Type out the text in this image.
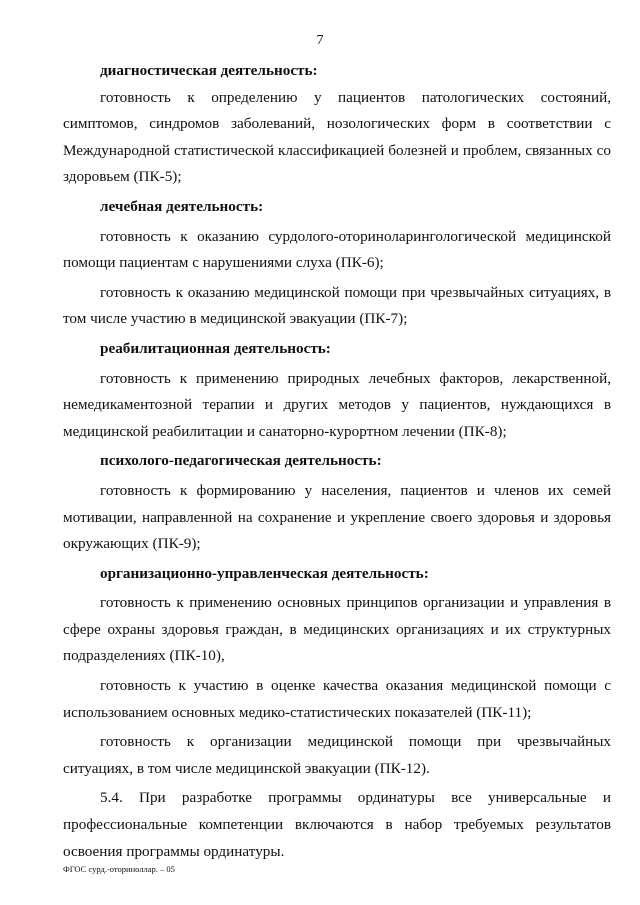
7

диагностическая деятельность:

готовность к определению у пациентов патологических состояний, симптомов, синдромов заболеваний, нозологических форм в соответствии с Международной статистической классификацией болезней и проблем, связанных со здоровьем (ПК-5);

лечебная деятельность:

готовность к оказанию сурдолого-оториноларингологической медицинской помощи пациентам с нарушениями слуха (ПК-6);

готовность к оказанию медицинской помощи при чрезвычайных ситуациях, в том числе участию в медицинской эвакуации (ПК-7);

реабилитационная деятельность:

готовность к применению природных лечебных факторов, лекарственной, немедикаментозной терапии и других методов у пациентов, нуждающихся в медицинской реабилитации и санаторно-курортном лечении (ПК-8);

психолого-педагогическая деятельность:

готовность к формированию у населения, пациентов и членов их семей мотивации, направленной на сохранение и укрепление своего здоровья и здоровья окружающих (ПК-9);

организационно-управленческая деятельность:

готовность к применению основных принципов организации и управления в сфере охраны здоровья граждан, в медицинских организациях и их структурных подразделениях (ПК-10),

готовность к участию в оценке качества оказания медицинской помощи с использованием основных медико-статистических показателей (ПК-11);

готовность к организации медицинской помощи при чрезвычайных ситуациях, в том числе медицинской эвакуации (ПК-12).

5.4. При разработке программы ординатуры все универсальные и профессиональные компетенции включаются в набор требуемых результатов освоения программы ординатуры.

ФГОС сурд.-оториноллар. – 05
